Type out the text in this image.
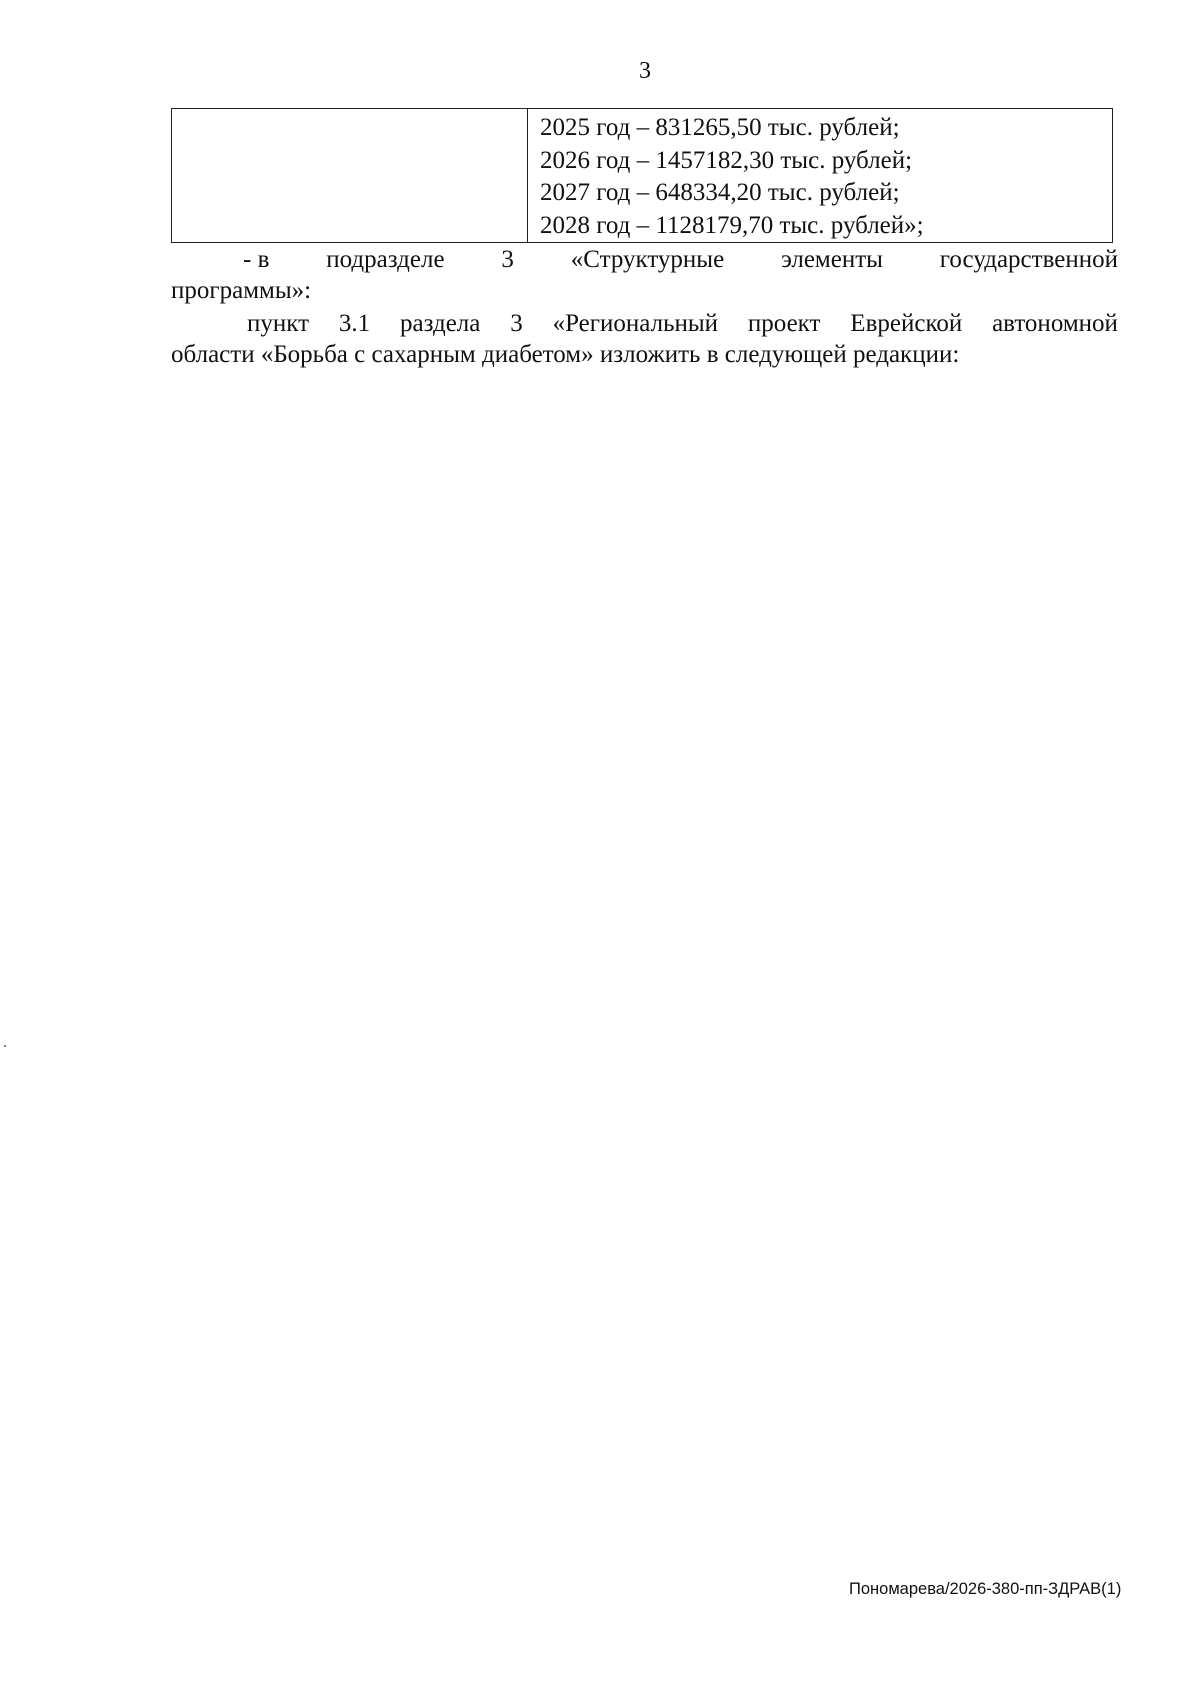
3

2025 год – 831265,50 тыс. рублей;
2026 год – 1457182,30 тыс. рублей;
2027 год – 648334,20 тыс. рублей;
2028 год – 1128179,70 тыс. рублей»;
- в подразделе 3 «Структурные элементы государственной
программы»:
пункт 3.1 раздела 3 «Региональный проект Еврейской автономной
области «Борьба с сахарным диабетом» изложить в следующей редакции:
Пономарева/2026-380-пп-ЗДРАВ(1)
